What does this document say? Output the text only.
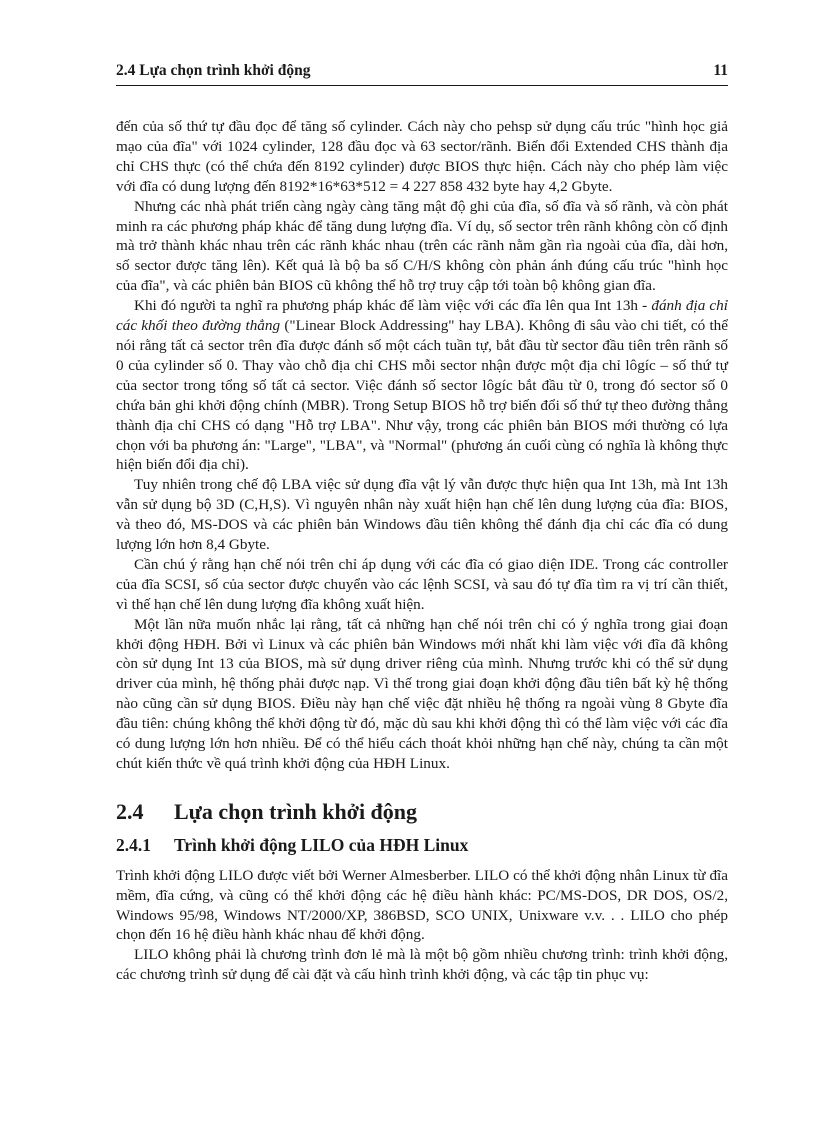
2.4 Lựa chọn trình khởi động	11

đến của số thứ tự đầu đọc để tăng số cylinder. Cách này cho pehsp sử dụng cấu trúc "hình học giả mạo của đĩa" với 1024 cylinder, 128 đầu đọc và 63 sector/rãnh. Biến đổi Extended CHS thành địa chỉ CHS thực (có thể chứa đến 8192 cylinder) được BIOS thực hiện. Cách này cho phép làm việc với đĩa có dung lượng đến 8192*16*63*512 = 4 227 858 432 byte hay 4,2 Gbyte.

Nhưng các nhà phát triển càng ngày càng tăng mật độ ghi của đĩa, số đĩa và số rãnh, và còn phát minh ra các phương pháp khác để tăng dung lượng đĩa. Ví dụ, số sector trên rãnh không còn cố định mà trở thành khác nhau trên các rãnh khác nhau (trên các rãnh nằm gần rìa ngoài của đĩa, dài hơn, số sector được tăng lên). Kết quả là bộ ba số C/H/S không còn phản ánh đúng cấu trúc "hình học của đĩa", và các phiên bản BIOS cũ không thể hỗ trợ truy cập tới toàn bộ không gian đĩa.

Khi đó người ta nghĩ ra phương pháp khác để làm việc với các đĩa lên qua Int 13h - đánh địa chỉ các khối theo đường thẳng ("Linear Block Addressing" hay LBA). Không đi sâu vào chi tiết, có thể nói rằng tất cả sector trên đĩa được đánh số một cách tuần tự, bắt đầu từ sector đầu tiên trên rãnh số 0 của cylinder số 0. Thay vào chỗ địa chỉ CHS mỗi sector nhận được một địa chỉ lôgíc – số thứ tự của sector trong tổng số tất cả sector. Việc đánh số sector lôgíc bắt đầu từ 0, trong đó sector số 0 chứa bản ghi khởi động chính (MBR). Trong Setup BIOS hỗ trợ biến đổi số thứ tự theo đường thẳng thành địa chỉ CHS có dạng "Hỗ trợ LBA". Như vậy, trong các phiên bản BIOS mới thường có lựa chọn với ba phương án: "Large", "LBA", và "Normal" (phương án cuối cùng có nghĩa là không thực hiện biến đổi địa chỉ).

Tuy nhiên trong chế độ LBA việc sử dụng đĩa vật lý vẫn được thực hiện qua Int 13h, mà Int 13h vẫn sử dụng bộ 3D (C,H,S). Vì nguyên nhân này xuất hiện hạn chế lên dung lượng của đĩa: BIOS, và theo đó, MS-DOS và các phiên bản Windows đầu tiên không thể đánh địa chỉ các đĩa có dung lượng lớn hơn 8,4 Gbyte.

Cần chú ý rằng hạn chế nói trên chỉ áp dụng với các đĩa có giao diện IDE. Trong các controller của đĩa SCSI, số của sector được chuyển vào các lệnh SCSI, và sau đó tự đĩa tìm ra vị trí cần thiết, vì thế hạn chế lên dung lượng đĩa không xuất hiện.

Một lần nữa muốn nhắc lại rằng, tất cả những hạn chế nói trên chỉ có ý nghĩa trong giai đoạn khởi động HĐH. Bởi vì Linux và các phiên bản Windows mới nhất khi làm việc với đĩa đã không còn sử dụng Int 13 của BIOS, mà sử dụng driver riêng của mình. Nhưng trước khi có thể sử dụng driver của mình, hệ thống phải được nạp. Vì thế trong giai đoạn khởi động đầu tiên bất kỳ hệ thống nào cũng cần sử dụng BIOS. Điều này hạn chế việc đặt nhiều hệ thống ra ngoài vùng 8 Gbyte đĩa đầu tiên: chúng không thể khởi động từ đó, mặc dù sau khi khởi động thì có thể làm việc với các đĩa có dung lượng lớn hơn nhiều. Để có thể hiểu cách thoát khỏi những hạn chế này, chúng ta cần một chút kiến thức về quá trình khởi động của HĐH Linux.

2.4	Lựa chọn trình khởi động
2.4.1	Trình khởi động LILO của HĐH Linux

Trình khởi động LILO được viết bởi Werner Almesberber. LILO có thể khởi động nhân Linux từ đĩa mềm, đĩa cứng, và cũng có thể khởi động các hệ điều hành khác: PC/MS-DOS, DR DOS, OS/2, Windows 95/98, Windows NT/2000/XP, 386BSD, SCO UNIX, Unixware v.v. . . LILO cho phép chọn đến 16 hệ điều hành khác nhau để khởi động.

LILO không phải là chương trình đơn lẻ mà là một bộ gồm nhiều chương trình: trình khởi động, các chương trình sử dụng để cài đặt và cấu hình trình khởi động, và các tập tin phục vụ:
